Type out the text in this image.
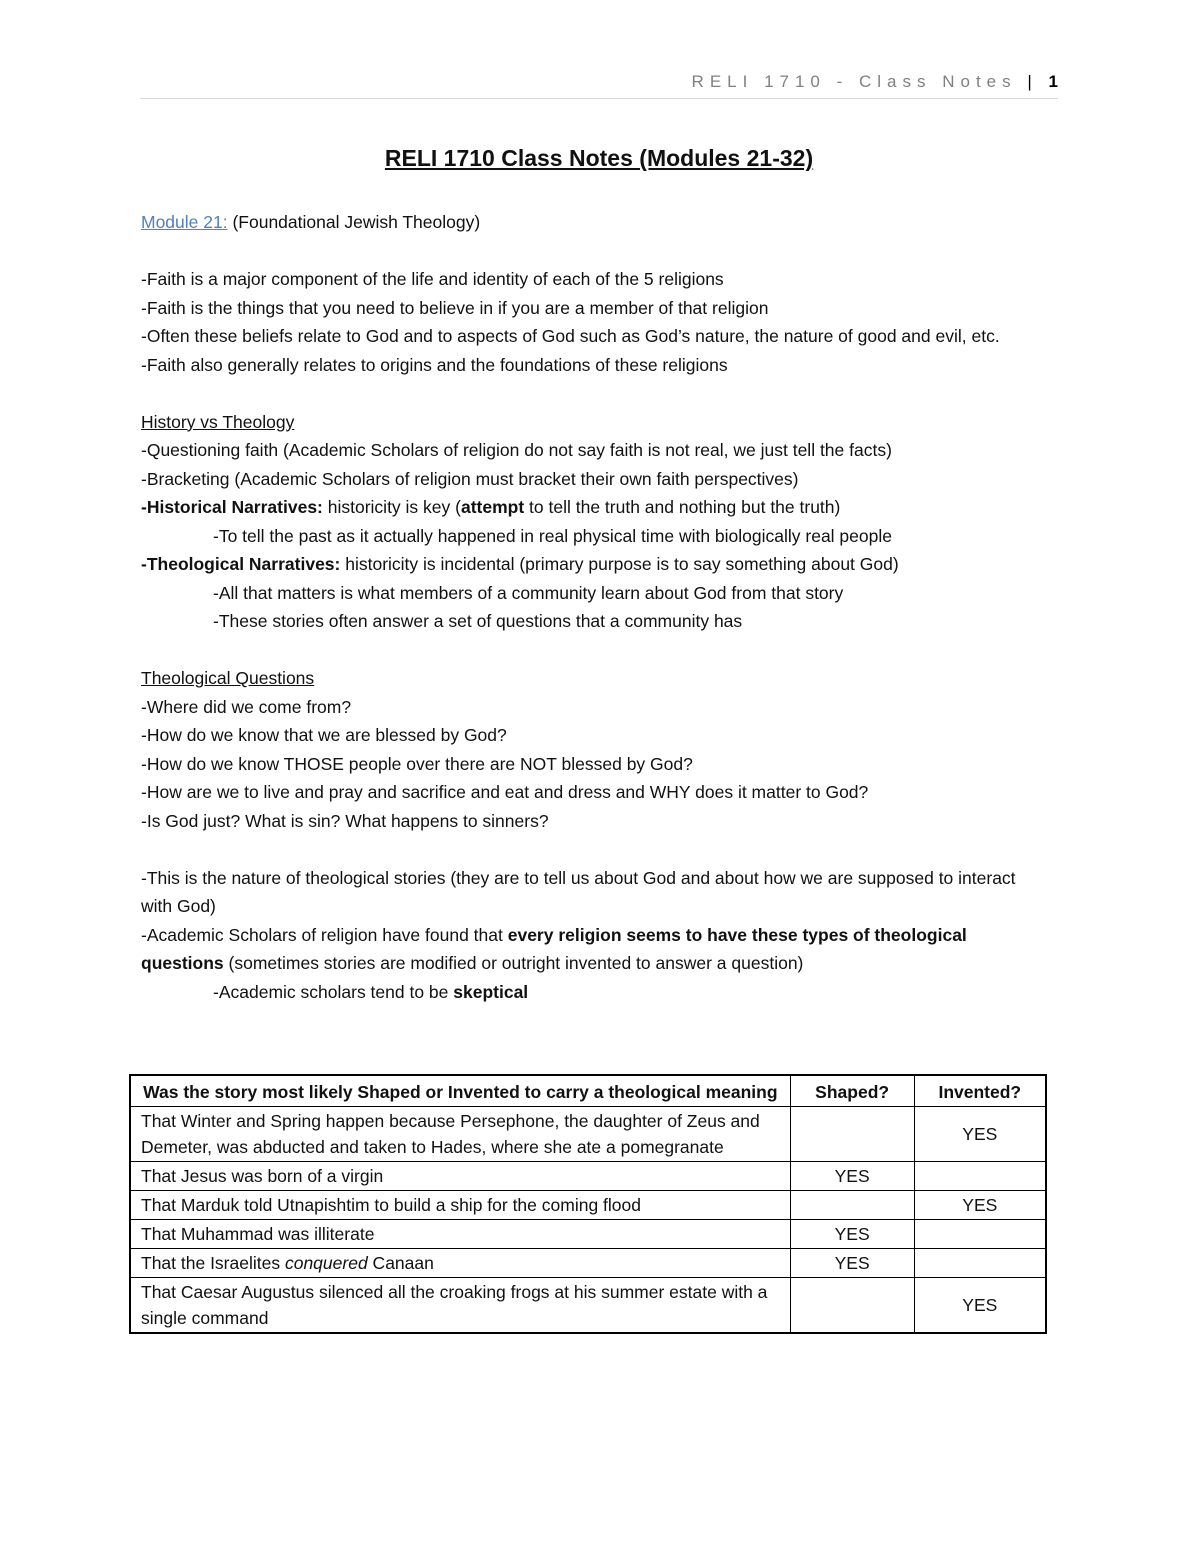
RELI 1710 - Class Notes | 1
RELI 1710 Class Notes (Modules 21-32)

Module 21: (Foundational Jewish Theology)

-Faith is a major component of the life and identity of each of the 5 religions

-Faith is the things that you need to believe in if you are a member of that religion

-Often these beliefs relate to God and to aspects of God such as God’s nature, the nature of good and evil, etc.

-Faith also generally relates to origins and the foundations of these religions

History vs Theology

-Questioning faith (Academic Scholars of religion do not say faith is not real, we just tell the facts)

-Bracketing (Academic Scholars of religion must bracket their own faith perspectives)

-Historical Narratives: historicity is key (attempt to tell the truth and nothing but the truth)

-To tell the past as it actually happened in real physical time with biologically real people

-Theological Narratives: historicity is incidental (primary purpose is to say something about God)

-All that matters is what members of a community learn about God from that story

-These stories often answer a set of questions that a community has

Theological Questions

-Where did we come from?

-How do we know that we are blessed by God?

-How do we know THOSE people over there are NOT blessed by God?

-How are we to live and pray and sacrifice and eat and dress and WHY does it matter to God?

-Is God just? What is sin? What happens to sinners?

-This is the nature of theological stories (they are to tell us about God and about how we are supposed to interact with God)

-Academic Scholars of religion have found that every religion seems to have these types of theological questions (sometimes stories are modified or outright invented to answer a question)

-Academic scholars tend to be skeptical

Was the story most likely Shaped or Invented to carry a theological meaning	Shaped?	Invented?
That Winter and Spring happen because Persephone, the daughter of Zeus and Demeter, was abducted and taken to Hades, where she ate a pomegranate		YES
That Jesus was born of a virgin	YES	
That Marduk told Utnapishtim to build a ship for the coming flood		YES
That Muhammad was illiterate	YES	
That the Israelites conquered Canaan	YES	
That Caesar Augustus silenced all the croaking frogs at his summer estate with a single command		YES
